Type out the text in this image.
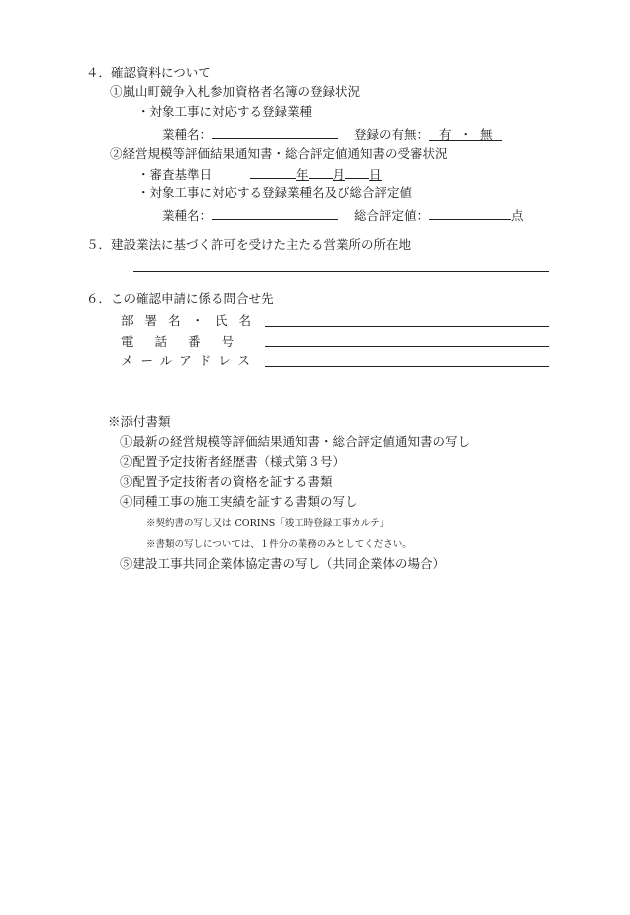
４．確認資料について
①嵐山町競争入札参加資格者名簿の登録状況
・対象工事に対応する登録業種
業種名：	登録の有無： 有 ・ 無
②経営規模等評価結果通知書・総合評定値通知書の受審状況
・審査基準日	年 月 日
・対象工事に対応する登録業種名及び総合評定値
業種名：	総合評定値：	点
５．建設業法に基づく許可を受けた主たる営業所の所在地
６．この確認申請に係る問合せ先
部署名・氏名
電話番号
メールアドレス
※添付書類
①最新の経営規模等評価結果通知書・総合評定値通知書の写し
②配置予定技術者経歴書（様式第３号）
③配置予定技術者の資格を証する書類
④同種工事の施工実績を証する書類の写し
※契約書の写し又は CORINS「竣工時登録工事カルテ」
※書類の写しについては、１件分の業務のみとしてください。
⑤建設工事共同企業体協定書の写し（共同企業体の場合）
